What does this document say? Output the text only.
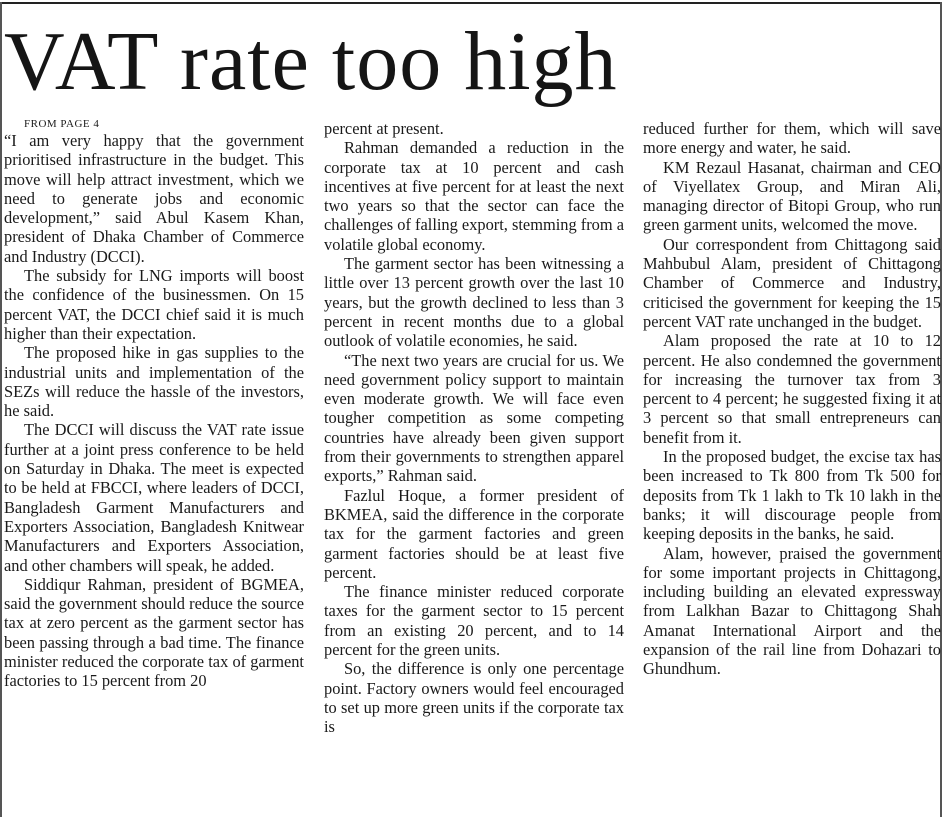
VAT rate too high

FROM PAGE 4

“I am very happy that the government prioritised infrastructure in the budget. This move will help attract investment, which we need to generate jobs and economic development,” said Abul Kasem Khan, president of Dhaka Chamber of Commerce and Industry (DCCI).

The subsidy for LNG imports will boost the confidence of the businessmen. On 15 percent VAT, the DCCI chief said it is much higher than their expectation.

The proposed hike in gas supplies to the industrial units and implementation of the SEZs will reduce the hassle of the investors, he said.

The DCCI will discuss the VAT rate issue further at a joint press conference to be held on Saturday in Dhaka. The meet is expected to be held at FBCCI, where leaders of DCCI, Bangladesh Garment Manufacturers and Exporters Association, Bangladesh Knitwear Manufacturers and Exporters Association, and other chambers will speak, he added.

Siddiqur Rahman, president of BGMEA, said the government should reduce the source tax at zero percent as the garment sector has been passing through a bad time. The finance minister reduced the corporate tax of garment factories to 15 percent from 20

percent at present.

Rahman demanded a reduction in the corporate tax at 10 percent and cash incentives at five percent for at least the next two years so that the sector can face the challenges of falling export, stemming from a volatile global economy.

The garment sector has been witnessing a little over 13 percent growth over the last 10 years, but the growth declined to less than 3 percent in recent months due to a global outlook of volatile economies, he said.

“The next two years are crucial for us. We need government policy support to maintain even moderate growth. We will face even tougher competition as some competing countries have already been given support from their governments to strengthen apparel exports,” Rahman said.

Fazlul Hoque, a former president of BKMEA, said the difference in the corporate tax for the garment factories and green garment factories should be at least five percent.

The finance minister reduced corporate taxes for the garment sector to 15 percent from an existing 20 percent, and to 14 percent for the green units.

So, the difference is only one percentage point. Factory owners would feel encouraged to set up more green units if the corporate tax is

reduced further for them, which will save more energy and water, he said.

KM Rezaul Hasanat, chairman and CEO of Viyellatex Group, and Miran Ali, managing director of Bitopi Group, who run green garment units, welcomed the move.

Our correspondent from Chittagong said Mahbubul Alam, president of Chittagong Chamber of Commerce and Industry, criticised the government for keeping the 15 percent VAT rate unchanged in the budget.

Alam proposed the rate at 10 to 12 percent. He also condemned the government for increasing the turnover tax from 3 percent to 4 percent; he suggested fixing it at 3 percent so that small entrepreneurs can benefit from it.

In the proposed budget, the excise tax has been increased to Tk 800 from Tk 500 for deposits from Tk 1 lakh to Tk 10 lakh in the banks; it will discourage people from keeping deposits in the banks, he said.

Alam, however, praised the government for some important projects in Chittagong, including building an elevated expressway from Lalkhan Bazar to Chittagong Shah Amanat International Airport and the expansion of the rail line from Dohazari to Ghundhum.
